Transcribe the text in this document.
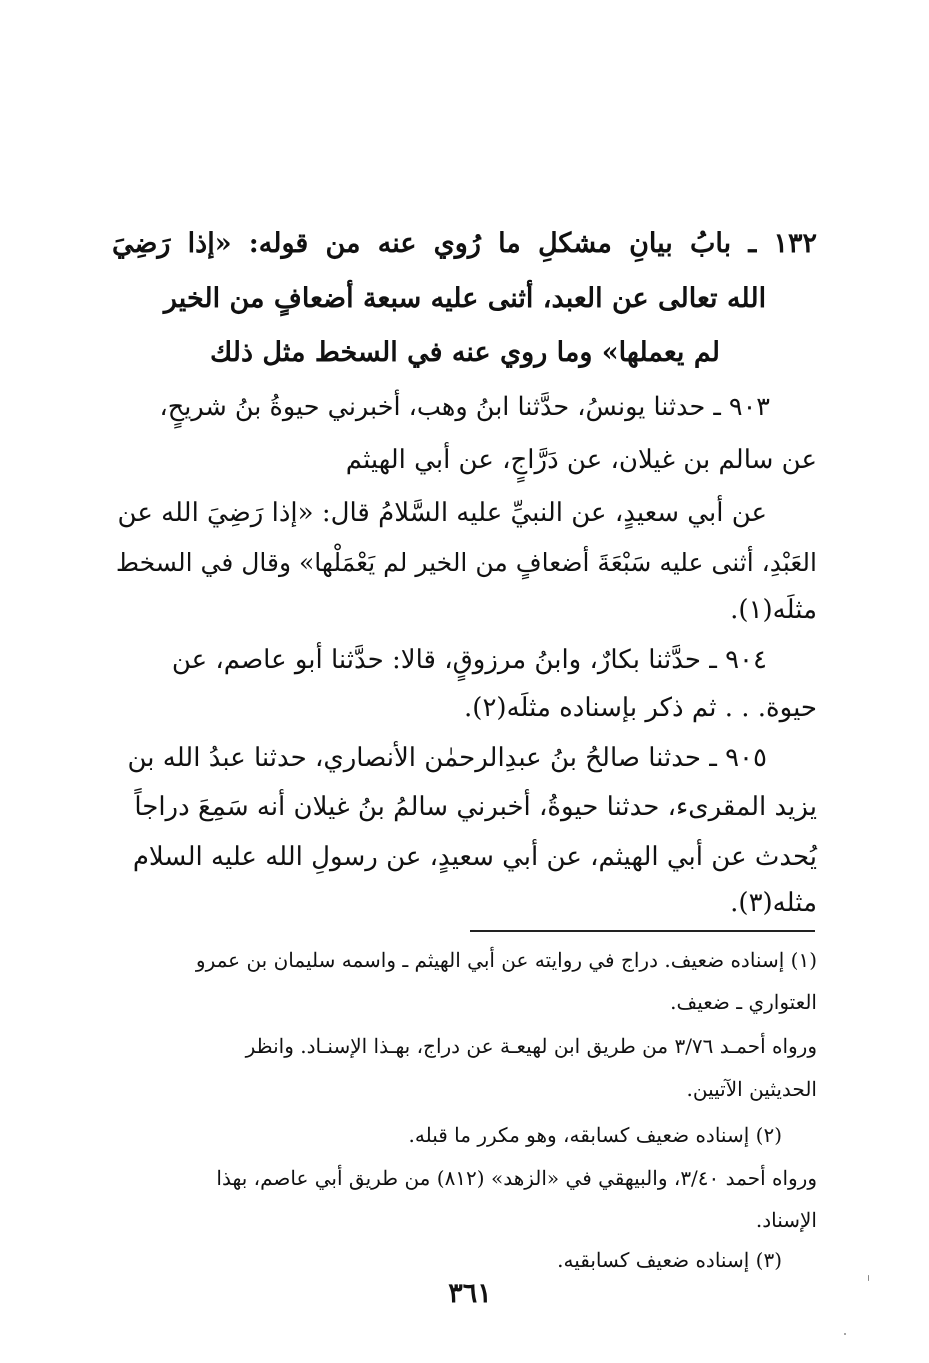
١٣٢ ـ بابُ بيانِ مشكلِ ما رُوي عنه من قوله: «إذا رَضِيَ
الله تعالى عن العبد، أثنى عليه سبعة أضعافٍ من الخير
لم يعملها» وما روي عنه في السخط مثل ذلك
٩٠٣ ـ حدثنا يونسُ، حدَّثنا ابنُ وهب، أخبرني حيوةُ بنُ شريحٍ،
عن سالم بن غيلان، عن دَرَّاجٍ، عن أبي الهيثم
عن أبي سعيدٍ، عن النبيِّ عليه السَّلامُ قال: «إذا رَضِيَ الله عن
العَبْدِ، أثنى عليه سَبْعَةَ أضعافٍ من الخير لم يَعْمَلْها» وقال في السخط
مثلَه(١).
٩٠٤ ـ حدَّثنا بكارٌ، وابنُ مرزوقٍ، قالا: حدَّثنا أبو عاصم، عن
حيوة. . . ثم ذكر بإسناده مثلَه(٢).
٩٠٥ ـ حدثنا صالحُ بنُ عبدِالرحمٰن الأنصاري، حدثنا عبدُ الله بن
يزيد المقرىء، حدثنا حيوةُ، أخبرني سالمُ بنُ غيلان أنه سَمِعَ دراجاً
يُحدث عن أبي الهيثم، عن أبي سعيدٍ، عن رسولِ الله عليه السلام
مثله(٣).
(١) إسناده ضعيف. دراج في روايته عن أبي الهيثم ـ واسمه سليمان بن عمرو
العتواري ـ ضعيف.
ورواه أحمـد ٣/٧٦ من طريق ابن لهيعـة عن دراج، بهـذا الإسنـاد. وانظر
الحديثين الآتيين.
(٢) إسناده ضعيف كسابقه، وهو مكرر ما قبله.
ورواه أحمد ٣/٤٠، والبيهقي في «الزهد» (٨١٢) من طريق أبي عاصم، بهذا
الإسناد.
(٣) إسناده ضعيف كسابقيه.
٣٦١
